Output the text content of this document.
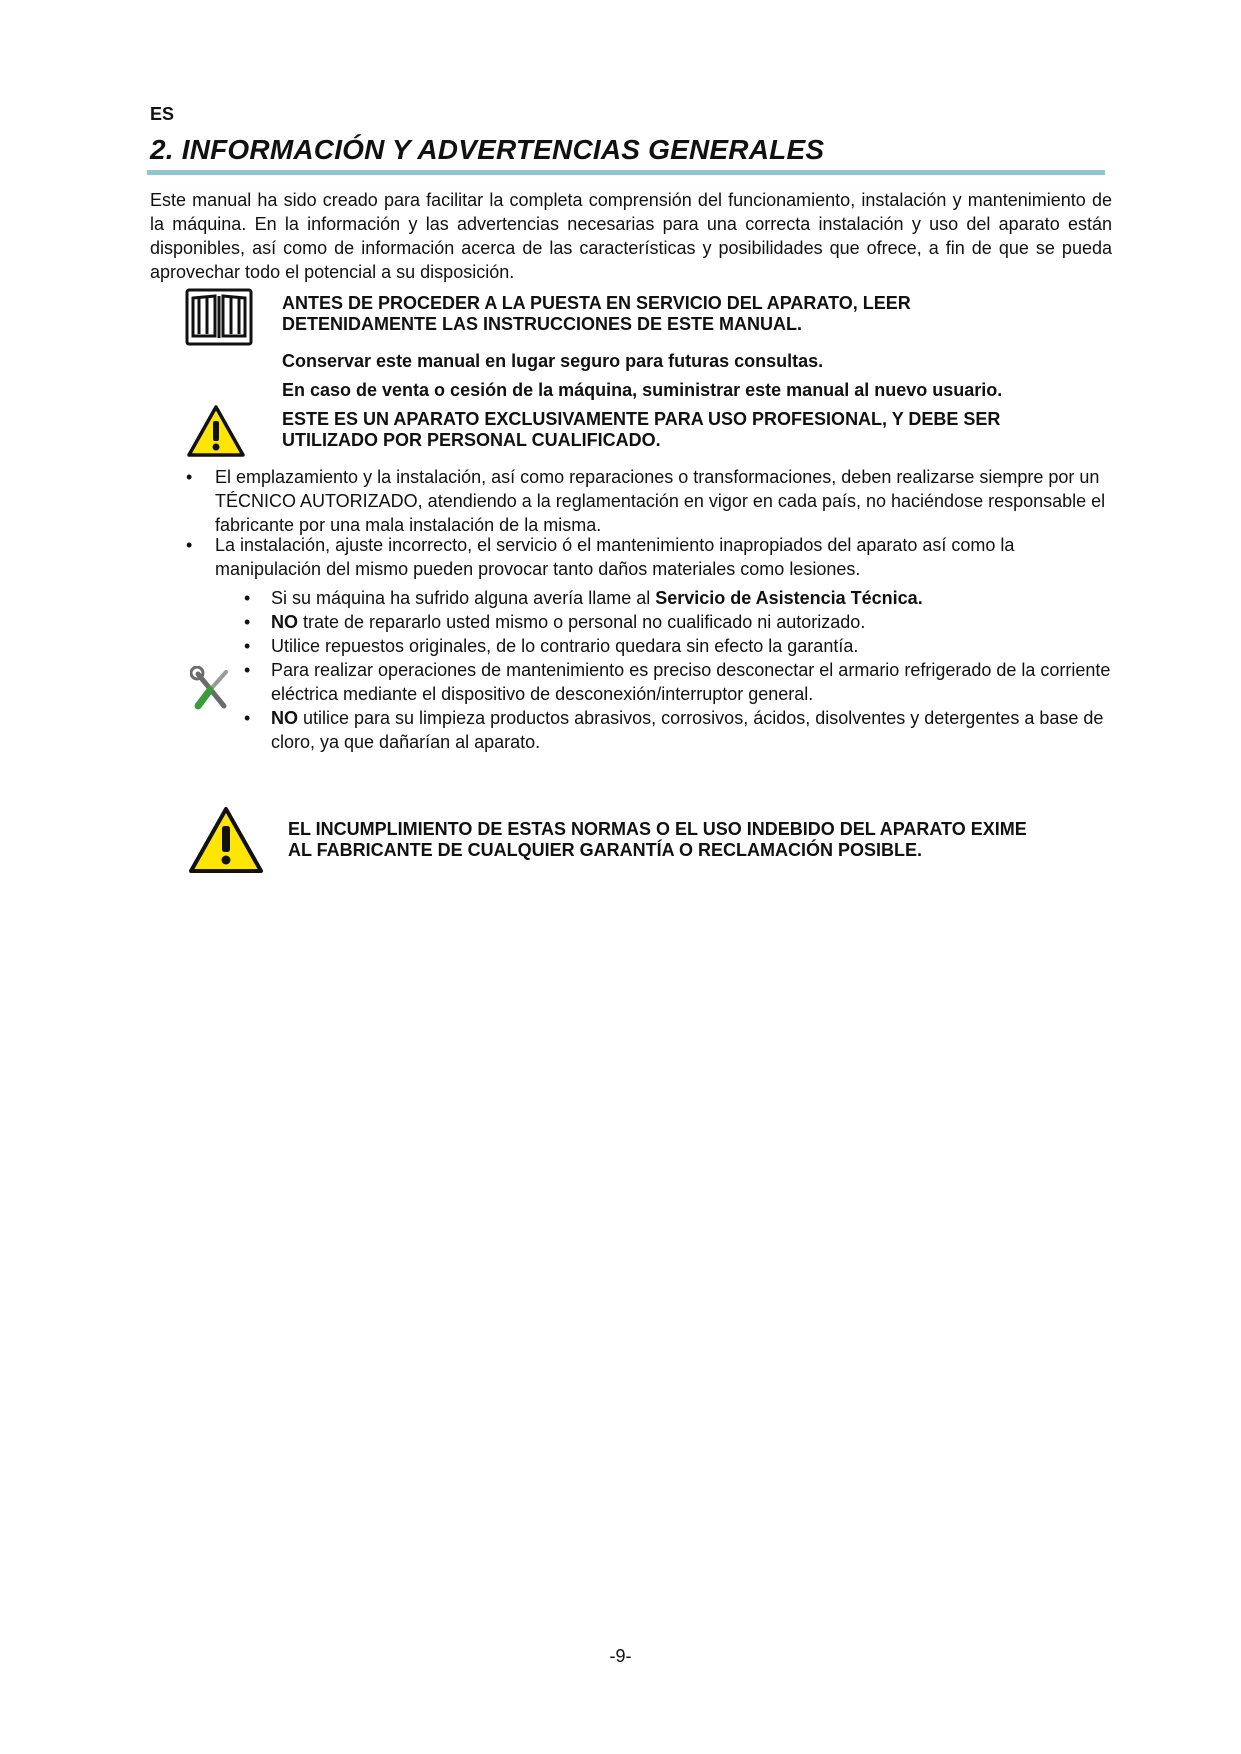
ES
2. INFORMACIÓN Y ADVERTENCIAS GENERALES

Este manual ha sido creado para facilitar la completa comprensión del funcionamiento, instalación y mantenimiento de la máquina. En la información y las advertencias necesarias para una correcta instalación y uso del aparato están disponibles, así como de información acerca de las características y posibilidades que ofrece, a fin de que se pueda aprovechar todo el potencial a su disposición.

ANTES DE PROCEDER A LA PUESTA EN SERVICIO DEL APARATO, LEER
DETENIDAMENTE LAS INSTRUCCIONES DE ESTE MANUAL.
Conservar este manual en lugar seguro para futuras consultas.
En caso de venta o cesión de la máquina, suministrar este manual al nuevo usuario.
ESTE ES UN APARATO EXCLUSIVAMENTE PARA USO PROFESIONAL, Y DEBE SER
UTILIZADO POR PERSONAL CUALIFICADO.
•	El emplazamiento y la instalación, así como reparaciones o transformaciones, deben realizarse siempre por un TÉCNICO AUTORIZADO, atendiendo a la reglamentación en vigor en cada país, no haciéndose responsable el fabricante por una mala instalación de la misma.
•	La instalación, ajuste incorrecto, el servicio ó el mantenimiento inapropiados del aparato así como la manipulación del mismo pueden provocar tanto daños materiales como lesiones.
•	Si su máquina ha sufrido alguna avería llame al Servicio de Asistencia Técnica.
•	NO trate de repararlo usted mismo o personal no cualificado ni autorizado.
•	Utilice repuestos originales, de lo contrario quedara sin efecto la garantía.
•	Para realizar operaciones de mantenimiento es preciso desconectar el armario refrigerado de la corriente eléctrica mediante el dispositivo de desconexión/interruptor general.
•	NO utilice para su limpieza productos abrasivos, corrosivos, ácidos, disolventes y detergentes a base de cloro, ya que dañarían al aparato.
EL INCUMPLIMIENTO DE ESTAS NORMAS O EL USO INDEBIDO DEL APARATO EXIME
AL FABRICANTE DE CUALQUIER GARANTÍA O RECLAMACIÓN POSIBLE.
-9-
